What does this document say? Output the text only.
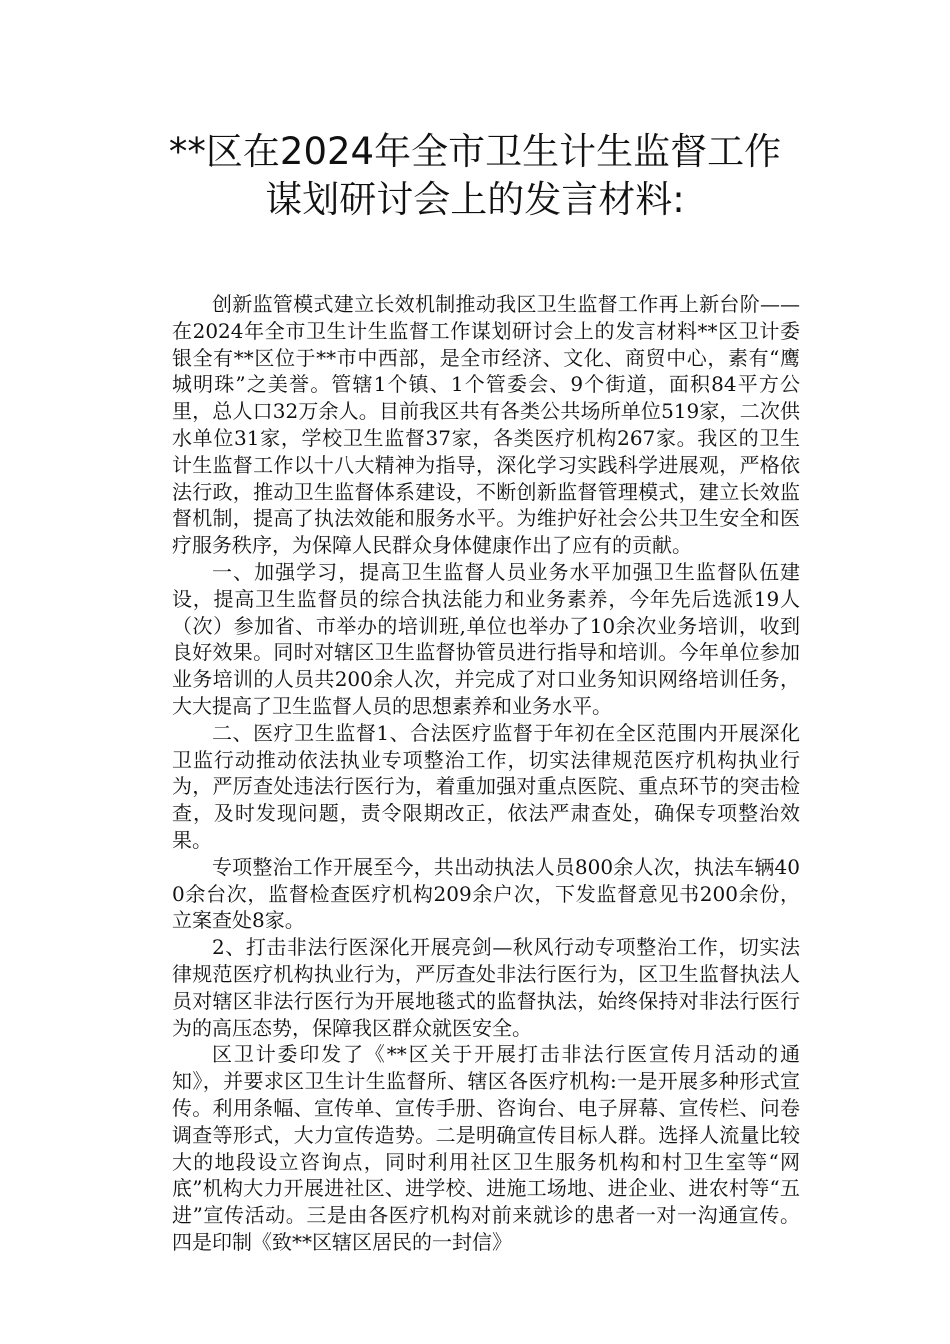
**区在2024年全市卫生计生监督工作
谋划研讨会上的发言材料:

创新监管模式建立长效机制推动我区卫生监督工作再上新台阶——在2024年全市卫生计生监督工作谋划研讨会上的发言材料**区卫计委银全有**区位于**市中西部，是全市经济、文化、商贸中心，素有“鹰城明珠”之美誉。管辖1个镇、1个管委会、9个街道，面积84平方公里，总人口32万余人。目前我区共有各类公共场所单位519家，二次供水单位31家，学校卫生监督37家，各类医疗机构267家。我区的卫生计生监督工作以十八大精神为指导，深化学习实践科学进展观，严格依法行政，推动卫生监督体系建设，不断创新监督管理模式，建立长效监督机制，提高了执法效能和服务水平。为维护好社会公共卫生安全和医疗服务秩序，为保障人民群众身体健康作出了应有的贡献。

一、加强学习，提高卫生监督人员业务水平加强卫生监督队伍建设，提高卫生监督员的综合执法能力和业务素养，今年先后选派19人（次）参加省、市举办的培训班,单位也举办了10余次业务培训，收到良好效果。同时对辖区卫生监督协管员进行指导和培训。今年单位参加业务培训的人员共200余人次，并完成了对口业务知识网络培训任务，大大提高了卫生监督人员的思想素养和业务水平。

二、医疗卫生监督1、合法医疗监督于年初在全区范围内开展深化卫监行动推动依法执业专项整治工作，切实法律规范医疗机构执业行为，严厉查处违法行医行为，着重加强对重点医院、重点环节的突击检查，及时发现问题，责令限期改正，依法严肃查处，确保专项整治效果。

专项整治工作开展至今，共出动执法人员800余人次，执法车辆400余台次，监督检查医疗机构209余户次，下发监督意见书200余份，立案查处8家。

2、打击非法行医深化开展亮剑—秋风行动专项整治工作，切实法律规范医疗机构执业行为，严厉查处非法行医行为，区卫生监督执法人员对辖区非法行医行为开展地毯式的监督执法，始终保持对非法行医行为的高压态势，保障我区群众就医安全。

区卫计委印发了《**区关于开展打击非法行医宣传月活动的通知》，并要求区卫生计生监督所、辖区各医疗机构:一是开展多种形式宣传。利用条幅、宣传单、宣传手册、咨询台、电子屏幕、宣传栏、问卷调查等形式，大力宣传造势。二是明确宣传目标人群。选择人流量比较大的地段设立咨询点，同时利用社区卫生服务机构和村卫生室等“网底”机构大力开展进社区、进学校、进施工场地、进企业、进农村等“五进”宣传活动。三是由各医疗机构对前来就诊的患者一对一沟通宣传。四是印制《致**区辖区居民的一封信》
